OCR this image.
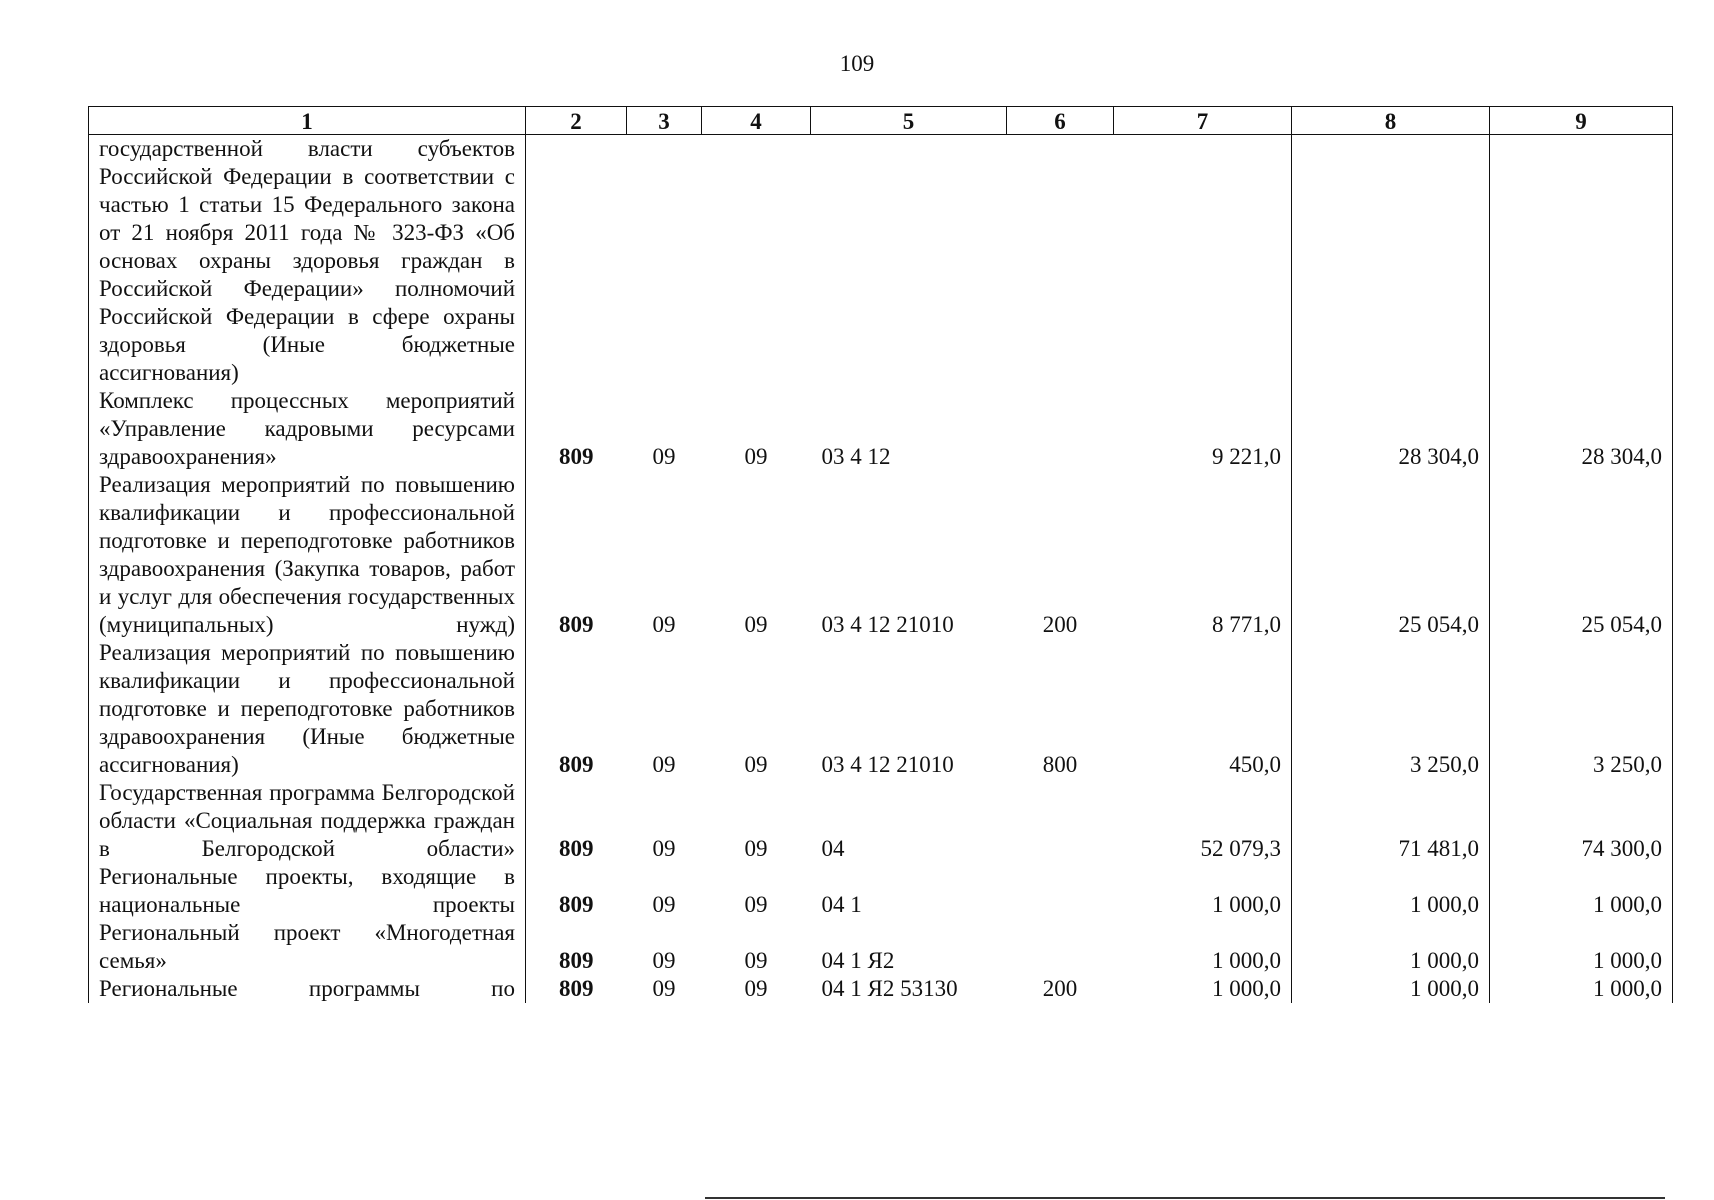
109
1	2	3	4	5	6	7	8	9
государственной власти субъектов Российской Федерации в соответствии с частью 1 статьи 15 Федерального закона от 21 ноября 2011 года № 323-ФЗ «Об основах охраны здоровья граждан в Российской Федерации» полномочий Российской Федерации в сфере охраны здоровья (Иные бюджетные ассигнования)								
Комплекс процессных мероприятий «Управление кадровыми ресурсами здравоохранения»	809	09	09	03 4 12		9 221,0	28 304,0	28 304,0
Реализация мероприятий по повышению квалификации и профессиональной подготовке и переподготовке работников здравоохранения (Закупка товаров, работ и услуг для обеспечения государственных (муниципальных) нужд)	809	09	09	03 4 12 21010	200	8 771,0	25 054,0	25 054,0
Реализация мероприятий по повышению квалификации и профессиональной подготовке и переподготовке работников здравоохранения (Иные бюджетные ассигнования)	809	09	09	03 4 12 21010	800	450,0	3 250,0	3 250,0
Государственная программа Белгородской области «Социальная поддержка граждан в Белгородской области»	809	09	09	04		52 079,3	71 481,0	74 300,0
Региональные проекты, входящие в национальные проекты	809	09	09	04 1		1 000,0	1 000,0	1 000,0
Региональный проект «Многодетная семья»	809	09	09	04 1 Я2		1 000,0	1 000,0	1 000,0
Региональные программы по	809	09	09	04 1 Я2 53130	200	1 000,0	1 000,0	1 000,0
